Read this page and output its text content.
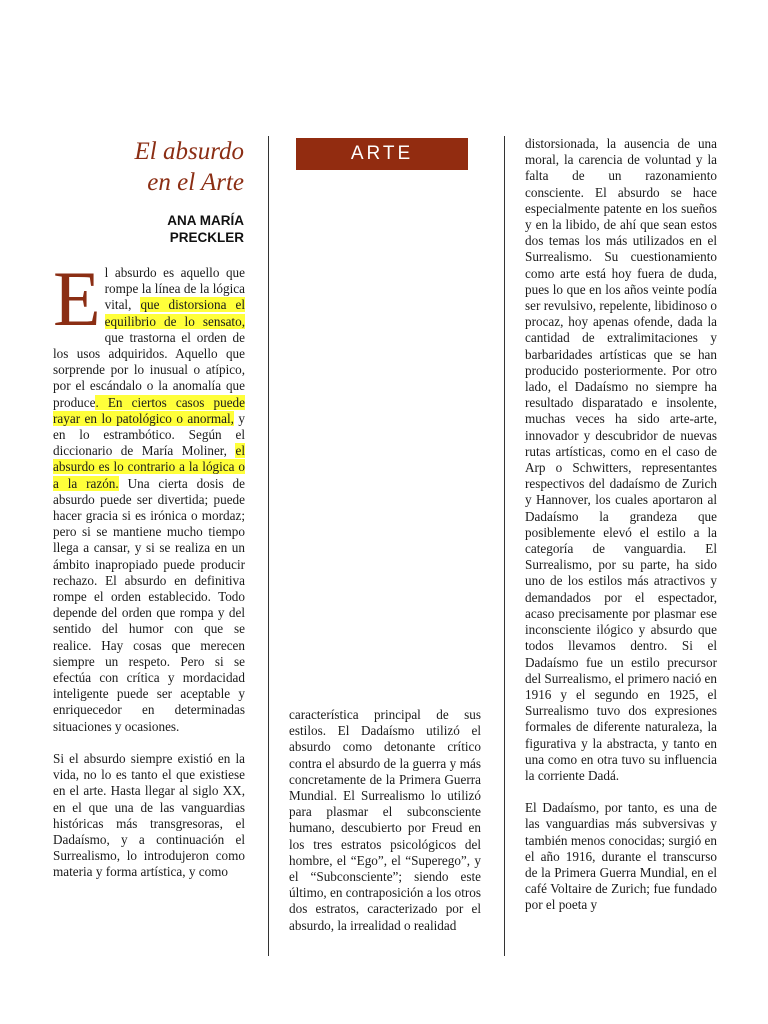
El absurdo
en el Arte
ANA MARÍA
PRECKLER
ARTE

E l absurdo es aquello que rompe la línea de la lógica vital, que distorsiona el equilibrio de lo sensato, que trastorna el orden de los usos adquiridos. Aquello que sorprende por lo inusual o atípico, por el escándalo o la anomalía que produce. En ciertos casos puede rayar en lo patológico o anormal, y en lo estrambótico. Según el diccionario de María Moliner, el absurdo es lo contrario a la lógica o a la razón. Una cierta dosis de absurdo puede ser divertida; puede hacer gracia si es irónica o mordaz; pero si se mantiene mucho tiempo llega a cansar, y si se realiza en un ámbito inapropiado puede producir rechazo. El absurdo en definitiva rompe el orden establecido. Todo depende del orden que rompa y del sentido del humor con que se realice. Hay cosas que merecen siempre un respeto. Pero si se efectúa con crítica y mordacidad inteligente puede ser aceptable y enriquecedor en determinadas situaciones y ocasiones.

Si el absurdo siempre existió en la vida, no lo es tanto el que existiese en el arte. Hasta llegar al siglo XX, en el que una de las vanguardias históricas más transgresoras, el Dadaísmo, y a continuación el Surrealismo, lo introdujeron como materia y forma artística, y como

característica principal de sus estilos. El Dadaísmo utilizó el absurdo como detonante crítico contra el absurdo de la guerra y más concretamente de la Primera Guerra Mundial. El Surrealismo lo utilizó para plasmar el subconsciente humano, descubierto por Freud en los tres estratos psicológicos del hombre, el “Ego”, el “Superego”, y el “Subconsciente”; siendo este último, en contraposición a los otros dos estratos, caracterizado por el absurdo, la irrealidad o realidad

distorsionada, la ausencia de una moral, la carencia de voluntad y la falta de un razonamiento consciente. El absurdo se hace especialmente patente en los sueños y en la libido, de ahí que sean estos dos temas los más utilizados en el Surrealismo. Su cuestionamiento como arte está hoy fuera de duda, pues lo que en los años veinte podía ser revulsivo, repelente, libidinoso o procaz, hoy apenas ofende, dada la cantidad de extralimitaciones y barbaridades artísticas que se han producido posteriormente. Por otro lado, el Dadaísmo no siempre ha resultado disparatado e insolente, muchas veces ha sido arte-arte, innovador y descubridor de nuevas rutas artísticas, como en el caso de Arp o Schwitters, representantes respectivos del dadaísmo de Zurich y Hannover, los cuales aportaron al Dadaísmo la grandeza que posiblemente elevó el estilo a la categoría de vanguardia. El Surrealismo, por su parte, ha sido uno de los estilos más atractivos y demandados por el espectador, acaso precisamente por plasmar ese inconsciente ilógico y absurdo que todos llevamos dentro. Si el Dadaísmo fue un estilo precursor del Surrealismo, el primero nació en 1916 y el segundo en 1925, el Surrealismo tuvo dos expresiones formales de diferente naturaleza, la figurativa y la abstracta, y tanto en una como en otra tuvo su influencia la corriente Dadá.

El Dadaísmo, por tanto, es una de las vanguardias más subversivas y también menos conocidas; surgió en el año 1916, durante el transcurso de la Primera Guerra Mundial, en el café Voltaire de Zurich; fue fundado por el poeta y
